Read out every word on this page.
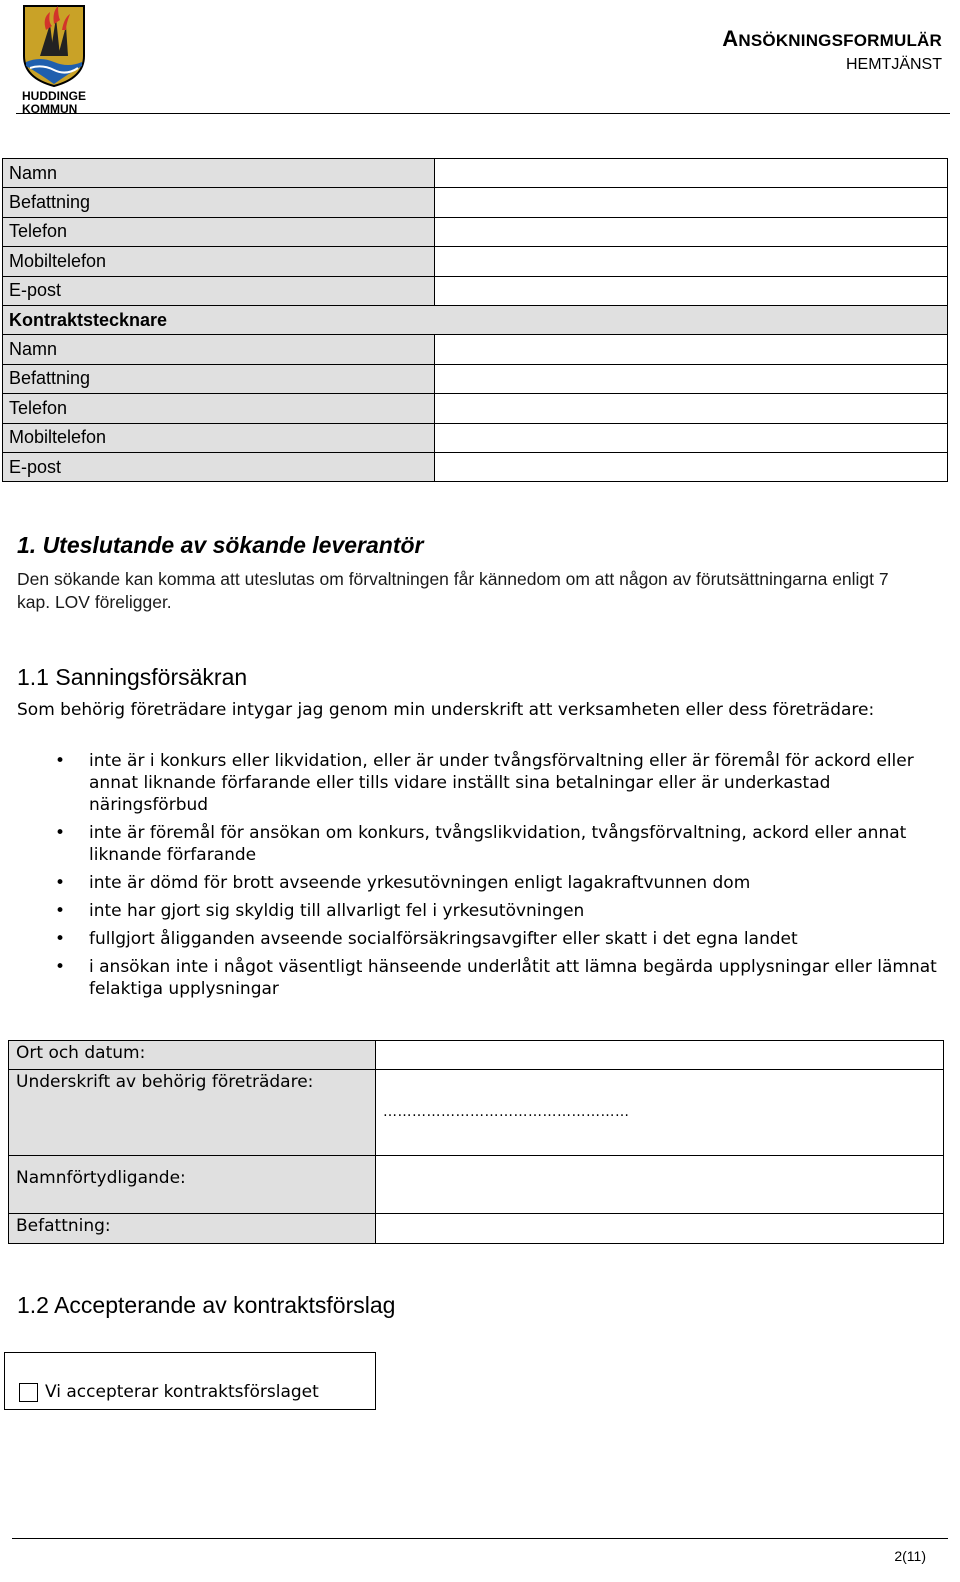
HUDDINGE
KOMMUN
ANSÖKNINGSFORMULÄR
HEMTJÄNST
Namn	
Befattning	
Telefon	
Mobiltelefon	
E-post	
Kontraktstecknare	
Namn	
Befattning	
Telefon	
Mobiltelefon	
E-post	
1. Uteslutande av sökande leverantör
Den sökande kan komma att uteslutas om förvaltningen får kännedom om att någon av förutsättningarna enligt 7 kap. LOV föreligger.
1.1 Sanningsförsäkran
Som behörig företrädare intygar jag genom min underskrift att verksamheten eller dess företrädare:
• inte är i konkurs eller likvidation, eller är under tvångsförvaltning eller är föremål för ackord eller annat liknande förfarande eller tills vidare inställt sina betalningar eller är underkastad näringsförbud
• inte är föremål för ansökan om konkurs, tvångslikvidation, tvångsförvaltning, ackord eller annat liknande förfarande
• inte är dömd för brott avseende yrkesutövningen enligt lagakraftvunnen dom
• inte har gjort sig skyldig till allvarligt fel i yrkesutövningen
• fullgjort åligganden avseende socialförsäkringsavgifter eller skatt i det egna landet
• i ansökan inte i något väsentligt hänseende underlåtit att lämna begärda upplysningar eller lämnat felaktiga upplysningar
Ort och datum:	
Underskrift av behörig företrädare:	……………………………………………
Namnförtydligande:	
Befattning:	
1.2 Accepterande av kontraktsförslag
Vi accepterar kontraktsförslaget
2(11)
